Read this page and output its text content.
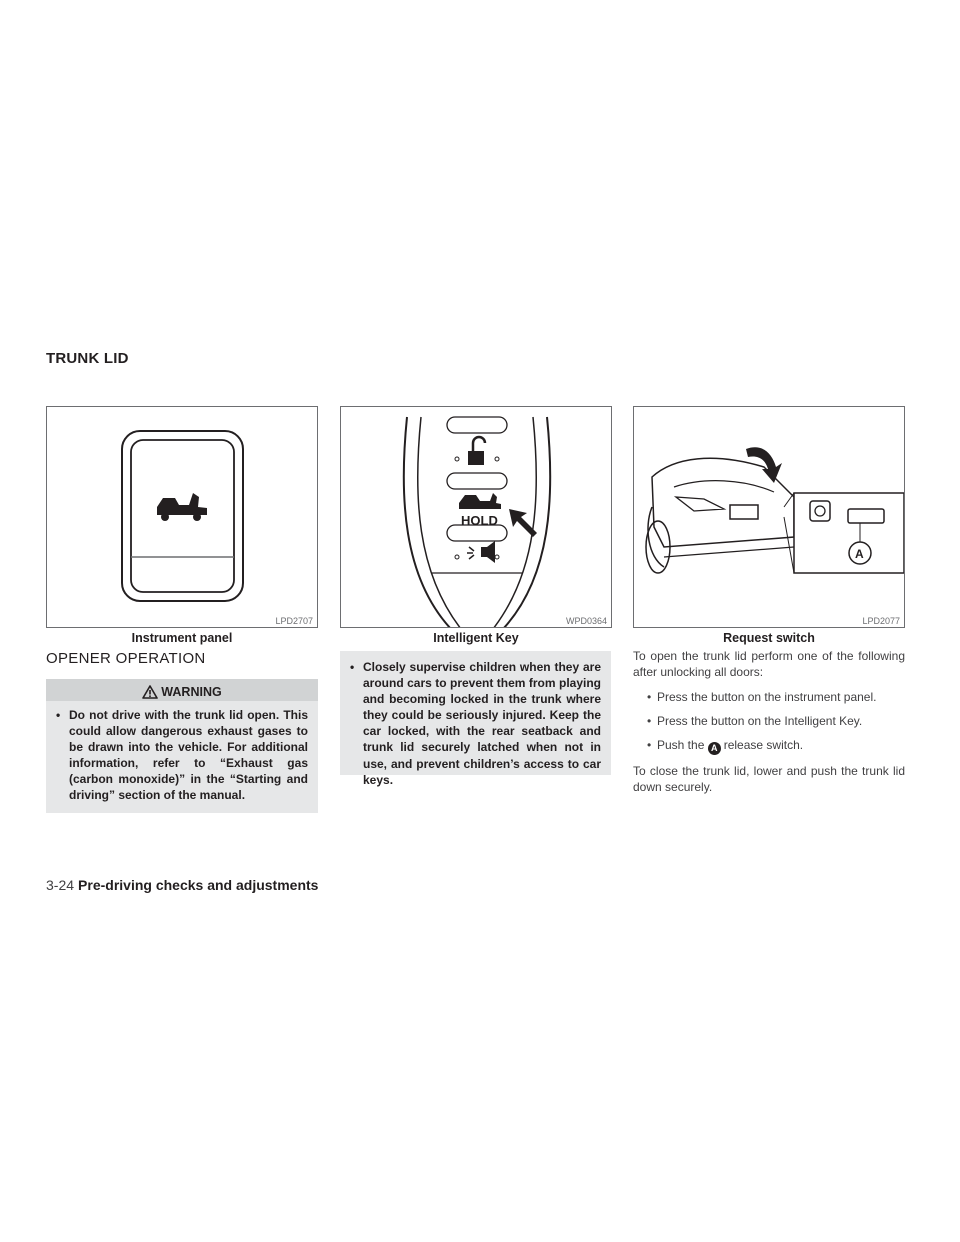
TRUNK LID
LPD2707
Instrument panel
HOLD
WPD0364
Intelligent Key
A
LPD2077
Request switch
OPENER OPERATION
WARNING
• Do not drive with the trunk lid open. This could allow dangerous exhaust gases to be drawn into the vehicle. For additional information, refer to “Exhaust gas (carbon monoxide)” in the “Starting and driving” section of the manual.
• Closely supervise children when they are around cars to prevent them from playing and becoming locked in the trunk where they could be seriously injured. Keep the car locked, with the rear seatback and trunk lid securely latched when not in use, and prevent children’s access to car keys.

To open the trunk lid perform one of the following after unlocking all doors:

• Press the button on the instrument panel.
• Press the button on the Intelligent Key.
• Push the A release switch.

To close the trunk lid, lower and push the trunk lid down securely.

3-24 Pre-driving checks and adjustments
